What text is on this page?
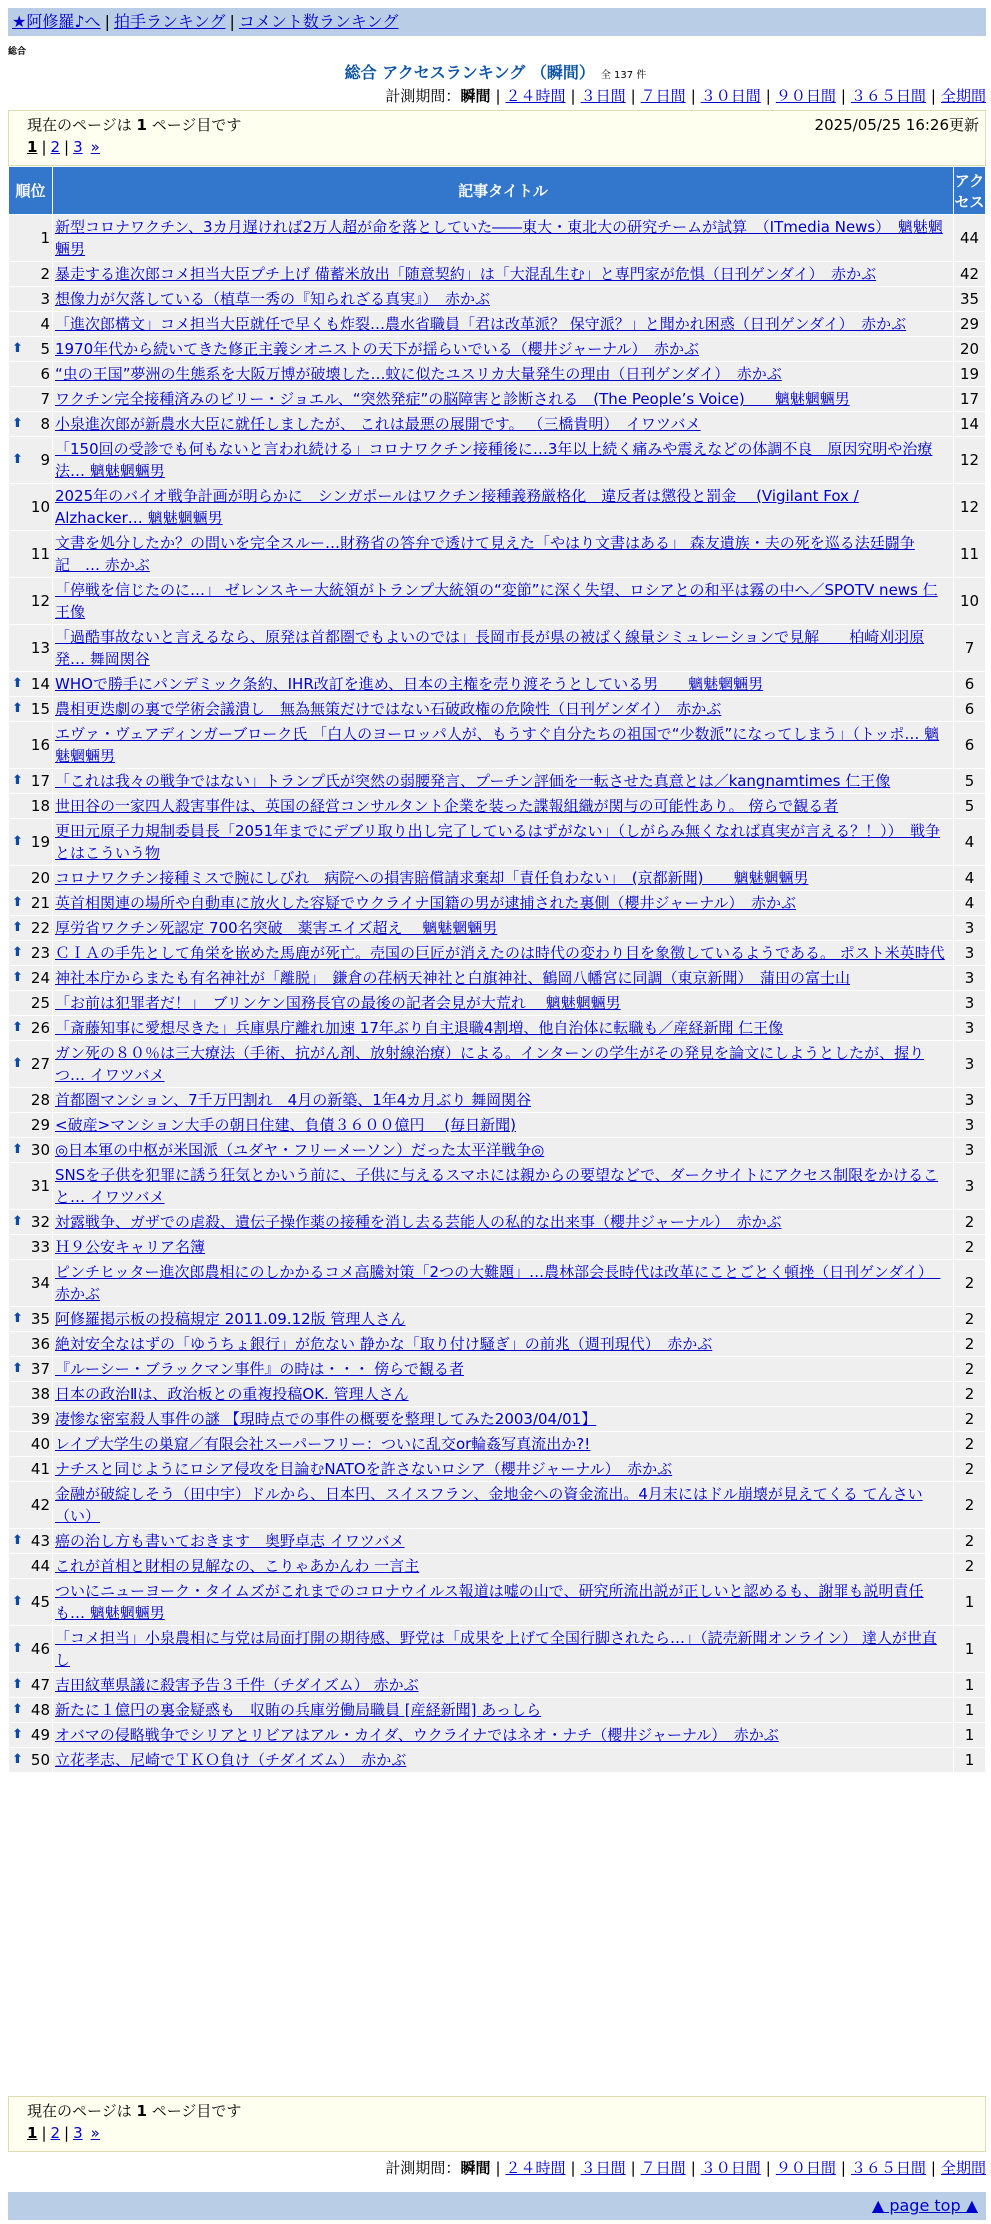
★阿修羅♪へ | 拍手ランキング | コメント数ランキング
総合
総合 アクセスランキング （瞬間） 全 137 件
計測期間：瞬間 | ２４時間 | ３日間 | ７日間 | ３０日間 | ９０日間 | ３６５日間 | 全期間
現在のページは 1 ページ目です	2025/05/25 16:26更新
1 | 2 | 3 »
順位	記事タイトル	アクセス
1	新型コロナワクチン、3カ月遅ければ2万人超が命を落としていた――東大・東北大の研究チームが試算　（ITmedia News）　魑魅魍魎男	44
2	暴走する進次郎コメ担当大臣プチ上げ 備蓄米放出「随意契約」は「大混乱生む」と専門家が危惧（日刊ゲンダイ）　赤かぶ	42
3	想像力が欠落している（植草一秀の『知られざる真実』）　赤かぶ	35
4	「進次郎構文」コメ担当大臣就任で早くも炸裂…農水省職員「君は改革派？ 保守派？」と聞かれ困惑（日刊ゲンダイ）　赤かぶ	29

⬆ 5	1970年代から続いてきた修正主義シオニストの天下が揺らいでいる（櫻井ジャーナル）　赤かぶ	20
6	“虫の王国”夢洲の生態系を大阪万博が破壊した…蚊に似たユスリカ大量発生の理由（日刊ゲンダイ）　赤かぶ	19
7	ワクチン完全接種済みのビリー・ジョエル、“突然発症”の脳障害と診断される　(The People’s Voice)　　魑魅魍魎男	17

⬆ 8	小泉進次郎が新農水大臣に就任しましたが、 これは最悪の展開です。 （三橋貴明）　イワツバメ	14

⬆ 9	「150回の受診でも何もないと言われ続ける」コロナワクチン接種後に…3年以上続く痛みや震えなどの体調不良　原因究明や治療法… 魑魅魍魎男	12
10	2025年のバイオ戦争計画が明らかに　シンガポールはワクチン接種義務厳格化　違反者は懲役と罰金　 (Vigilant Fox / Alzhacker… 魑魅魍魎男	12
11	文書を処分したか？の問いを完全スルー…財務省の答弁で透けて見えた「やはり文書はある」 森友遺族・夫の死を巡る法廷闘争記　… 赤かぶ	11
12	「停戦を信じたのに…」 ゼレンスキー大統領がトランプ大統領の“変節”に深く失望、ロシアとの和平は霧の中へ／SPOTV news 仁王像	10
13	「過酷事故ないと言えるなら、原発は首都圏でもよいのでは」長岡市長が県の被ばく線量シミュレーションで見解　　柏崎刈羽原発… 舞岡関谷	7

⬆ 14	WHOで勝手にパンデミック条約、IHR改訂を進め、日本の主権を売り渡そうとしている男　　魑魅魍魎男	6

⬆ 15	農相更迭劇の裏で学術会議潰し　無為無策だけではない石破政権の危険性（日刊ゲンダイ）　赤かぶ	6
16	エヴァ・ヴェアディンガーブローク氏 「白人のヨーロッパ人が、もうすぐ自分たちの祖国で“少数派”になってしまう」（トッポ… 魑魅魍魎男	6

⬆ 17	「これは我々の戦争ではない」トランプ氏が突然の弱腰発言、プーチン評価を一転させた真意とは／kangnamtimes 仁王像	5
18	世田谷の一家四人殺害事件は、英国の経営コンサルタント企業を装った諜報組織が関与の可能性あり。 傍らで観る者	5

⬆ 19	更田元原子力規制委員長「2051年までにデブリ取り出し完了しているはずがない」（しがらみ無くなれば真実が言える？！））　戦争とはこういう物	4
20	コロナワクチン接種ミスで腕にしびれ　病院への損害賠償請求棄却「責任負わない」　(京都新聞)　　魑魅魍魎男	4

⬆ 21	英首相関連の場所や自動車に放火した容疑でウクライナ国籍の男が逮捕された裏側（櫻井ジャーナル）　赤かぶ	4

⬆ 22	厚労省ワクチン死認定 700名突破　薬害エイズ超え　 魑魅魍魎男	3

⬆ 23	ＣＩＡの手先として角栄を嵌めた馬鹿が死亡。売国の巨匠が消えたのは時代の変わり目を象徴しているようである。 ポスト米英時代	3

⬆ 24	神社本庁からまたも有名神社が「離脱」　鎌倉の荏柄天神社と白旗神社、鶴岡八幡宮に同調（東京新聞）　蒲田の富士山	3
25	「お前は犯罪者だ！」　ブリンケン国務長官の最後の記者会見が大荒れ　 魑魅魍魎男	3

⬆ 26	「斎藤知事に愛想尽きた」兵庫県庁離れ加速 17年ぶり自主退職4割増、他自治体に転職も／産経新聞 仁王像	3

⬆ 27	ガン死の８０％は三大療法（手術、抗がん剤、放射線治療）による。インターンの学生がその発見を論文にしようとしたが、握りつ… イワツバメ	3
28	首都圏マンション、7千万円割れ　4月の新築、1年4カ月ぶり 舞岡関谷	3
29	<破産>マンション大手の朝日住建、負債３６００億円 　(毎日新聞)	3

⬆ 30	◎日本軍の中枢が米国派（ユダヤ・フリーメーソン）だった太平洋戦争◎	3
31	SNSを子供を犯罪に誘う狂気とかいう前に、子供に与えるスマホには親からの要望などで、ダークサイトにアクセス制限をかけること… イワツバメ	3

⬆ 32	対露戦争、ガザでの虐殺、遺伝子操作薬の接種を消し去る芸能人の私的な出来事（櫻井ジャーナル）　赤かぶ	2
33	Ｈ９公安キャリア名簿	2
34	ピンチヒッター進次郎農相にのしかかるコメ高騰対策「2つの大難題」…農林部会長時代は改革にことごとく頓挫（日刊ゲンダイ）　赤かぶ	2

⬆ 35	阿修羅掲示板の投稿規定 2011.09.12版 管理人さん	2
36	絶対安全なはずの「ゆうちょ銀行」が危ない 静かな「取り付け騒ぎ」の前兆（週刊現代）　赤かぶ	2

⬆ 37	『ルーシー・ブラックマン事件』の時は・・・ 傍らで観る者	2
38	日本の政治Ⅱは、政治板との重複投稿OK. 管理人さん	2
39	凄惨な密室殺人事件の謎 【現時点での事件の概要を整理してみた2003/04/01】	2
40	レイプ大学生の巣窟／有限会社スーパーフリー：ついに乱交or輪姦写真流出か?!	2
41	ナチスと同じようにロシア侵攻を目論むNATOを許さないロシア（櫻井ジャーナル）　赤かぶ	2
42	金融が破綻しそう（田中宇）ドルから、日本円、スイスフラン、金地金への資金流出。4月末にはドル崩壊が見えてくる てんさい（い）	2

⬆ 43	癌の治し方も書いておきます　奥野卓志 イワツバメ	2
44	これが首相と財相の見解なの、こりゃあかんわ 一言主	2

⬆ 45	ついにニューヨーク・タイムズがこれまでのコロナウイルス報道は嘘の山で、研究所流出説が正しいと認めるも、謝罪も説明責任も… 魑魅魍魎男	1

⬆ 46	「コメ担当」小泉農相に与党は局面打開の期待感、野党は「成果を上げて全国行脚されたら…」（読売新聞オンライン） 達人が世直し	1

⬆ 47	吉田紋華県議に殺害予告３千件（チダイズム） 赤かぶ	1

⬆ 48	新たに１億円の裏金疑惑も　収賄の兵庫労働局職員 [産経新聞] あっしら	1

⬆ 49	オバマの侵略戦争でシリアとリビアはアル・カイダ、ウクライナではネオ・ナチ（櫻井ジャーナル）　赤かぶ	1

⬆ 50	立花孝志、尼崎でＴＫＯ負け（チダイズム）　赤かぶ	1
現在のページは 1 ページ目です
1 | 2 | 3 »
計測期間：瞬間 | ２４時間 | ３日間 | ７日間 | ３０日間 | ９０日間 | ３６５日間 | 全期間
▲ page top ▲
